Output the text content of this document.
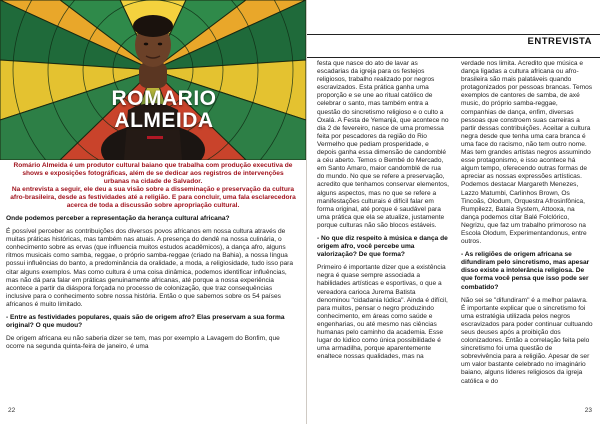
ROMARIO
ALMEIDA

Romário Almeida é um produtor cultural baiano que trabalha com produção executiva de shows e exposições fotográficas, além de se dedicar aos registros de intervenções urbanas na cidade de Salvador.

Na entrevista a seguir, ele deu a sua visão sobre a disseminação e preservação da cultura afro-brasileira, desde as festividades até a religião. E para concluir, uma fala esclarecedora acerca de toda a discussão sobre apropriação cultural.

Onde podemos perceber a representação da herança cultural africana?

É possível perceber as contribuições dos diversos povos africanos em nossa cultura através de muitas práticas históricas, mas também nas atuais. A presença do dendê na nossa culinária, o conhecimento sobre as ervas (que influencia muitos estudos acadêmicos), a dança afro, alguns ritmos musicais como samba, reggae, o próprio samba-reggae (criado na Bahia), a nossa língua possui influências do banto, a predominância da oralidade, a moda, a religiosidade, tudo isso para citar alguns exemplos. Mas como cultura é uma coisa dinâmica, podemos identificar influências, mas não dá para falar em práticas genuinamente africanas, até porque a nossa experiência acontece a partir da diáspora forçada no processo de colonização, que traz consequências inclusive para o conhecimento sobre nossa história. Então o que sabemos sobre os 54 países africanos é muito limitado.

- Entre as festividades populares, quais são de origem afro? Elas preservam a sua forma original? O que mudou?

De origem africana eu não saberia dizer se tem, mas por exemplo a Lavagem do Bonfim, que ocorre na segunda quinta-feira de janeiro, é uma

22
ENTREVISTA

festa que nasce do ato de lavar as escadarias da igreja para os festejos religiosos, trabalho realizado por negros escravizados. Esta prática ganha uma proporção e se une ao ritual católico de celebrar o santo, mas também entra a questão do sincretismo religioso e o culto a Oxalá. A Festa de Yemanjá, que acontece no dia 2 de fevereiro, nasce de uma promessa feita por pescadores da região do Rio Vermelho que pediam prosperidade, e depois ganha essa dimensão de candomblé a céu aberto. Temos o Bembé do Mercado, em Santo Amaro, maior candomblé de rua do mundo. No que se refere a preservação, acredito que tenhamos conservar elementos, alguns aspectos, mas no que se refere a manifestações culturais é difícil falar em forma original, até porque é saudável para uma prática que ela se atualize, justamente porque culturas não são blocos estáveis.

- No que diz respeito à música e dança de origem afro, você percebe uma valorização? De que forma?

Primeiro é importante dizer que a existência negra é quase sempre associada a habilidades artísticas e esportivas, o que a vereadora carioca Jurema Batista denominou "cidadania lúdica". Ainda é difícil, para muitos, pensar o negro produzindo conhecimento, em áreas como saúde e engenharias, ou até mesmo nas ciências humanas pelo caminho da academia. Esse lugar do lúdico como única possibilidade é uma armadilha, porque aparentemente enaltece nossas qualidades, mas na

verdade nos limita. Acredito que música e dança ligadas a cultura africana ou afro-brasileira são mais palatáveis quando protagonizados por pessoas brancas. Temos exemplos de cantores de samba, de axé music, do próprio samba-reggae, companhias de dança, enfim, diversas pessoas que constroem suas carreiras a partir dessas contribuições. Aceitar a cultura negra desde que tenha uma cara branca é uma face do racismo, não tem outro nome. Mas tem grandes artistas negros assumindo esse protagonismo, e isso acontece há algum tempo, oferecendo outras formas de apreciar as nossas expressões artísticas. Podemos destacar Margareth Menezes, Lazzo Matumbi, Carlinhos Brown, Os Tincoãs, Olodum, Orquestra Afrosinfônica, Rumpilezz, Bataia System, Attooxa, na dança podemos citar Balé Folclórico, Negrizu, que faz um trabalho primoroso na Escola Olodum, Experimentandonus, entre outros.

- As religiões de origem africana se difundiram pelo sincretismo, mas apesar disso existe a intolerância religiosa. De que forma você pensa que isso pode ser combatido?

Não sei se "difundiram" é a melhor palavra. É importante explicar que o sincretismo foi uma estratégia utilizada pelos negros escravizados para poder continuar cultuando seus deuses após a proibição dos colonizadores. Então a correlação feita pelo sincretismo foi uma questão de sobrevivência para a religião. Apesar de ser um valor bastante celebrado no imaginário baiano, alguns líderes religiosos da igreja católica e do

23
